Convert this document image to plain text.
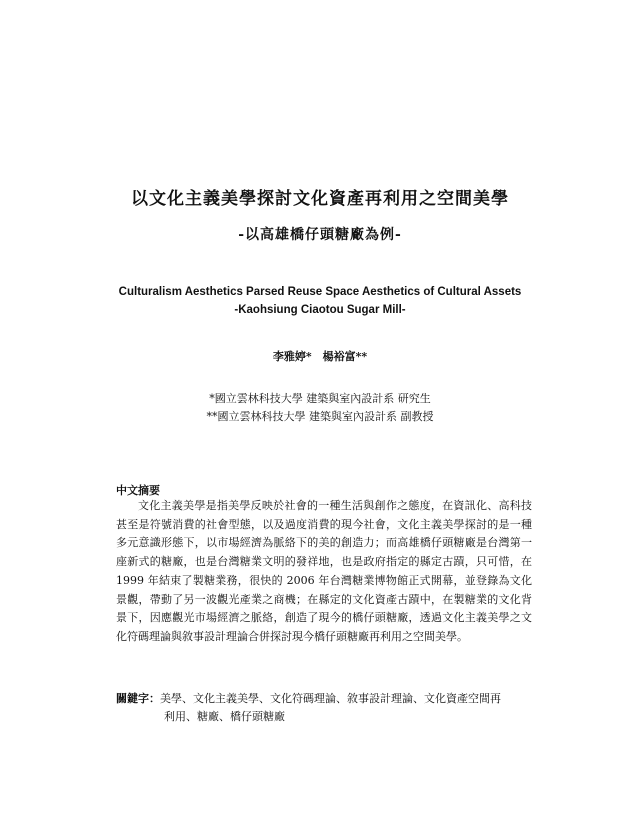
以文化主義美學探討文化資產再利用之空間美學
-以高雄橋仔頭糖廠為例-
Culturalism Aesthetics Parsed Reuse Space Aesthetics of Cultural Assets
-Kaohsiung Ciaotou Sugar Mill-
李雅婷*　楊裕富**
*國立雲林科技大學 建築與室內設計系 研究生
**國立雲林科技大學 建築與室內設計系 副教授
中文摘要
文化主義美學是指美學反映於社會的一種生活與創作之態度，在資訊化、高科技甚至是符號消費的社會型態，以及過度消費的現今社會，文化主義美學探討的是一種多元意識形態下，以市場經濟為脈絡下的美的創造力；而高雄橋仔頭糖廠是台灣第一座新式的糖廠，也是台灣糖業文明的發祥地，也是政府指定的縣定古蹟，只可惜，在 1999 年結束了製糖業務，很快的 2006 年台灣糖業博物館正式開幕，並登錄為文化景觀，帶動了另一波觀光產業之商機；在縣定的文化資產古蹟中，在製糖業的文化背景下，因應觀光市場經濟之脈絡，創造了現今的橋仔頭糖廠，透過文化主義美學之文化符碼理論與敘事設計理論合併探討現今橋仔頭糖廠再利用之空間美學。
關鍵字：美學、文化主義美學、文化符碼理論、敘事設計理論、文化資產空間再
利用、糖廠、橋仔頭糖廠
